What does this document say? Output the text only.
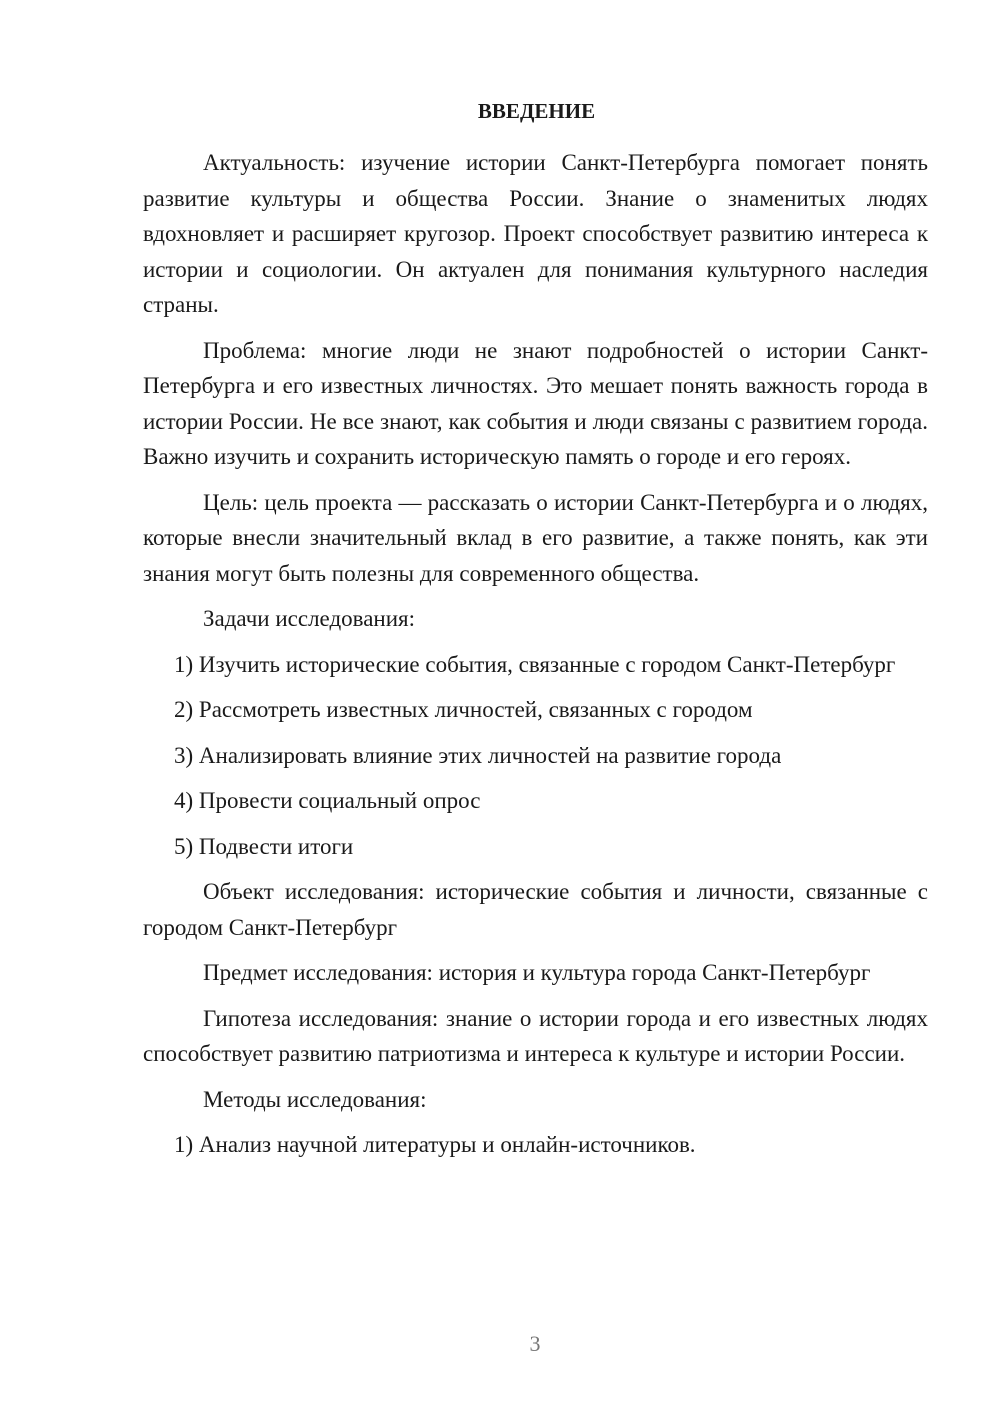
ВВЕДЕНИЕ

Актуальность: изучение истории Санкт-Петербурга помогает понять развитие культуры и общества России. Знание о знаменитых людях вдохновляет и расширяет кругозор. Проект способствует развитию интереса к истории и социологии. Он актуален для понимания культурного наследия страны.

Проблема: многие люди не знают подробностей о истории Санкт-Петербурга и его известных личностях. Это мешает понять важность города в истории России. Не все знают, как события и люди связаны с развитием города. Важно изучить и сохранить историческую память о городе и его героях.

Цель: цель проекта — рассказать о истории Санкт-Петербурга и о людях, которые внесли значительный вклад в его развитие, а также понять, как эти знания могут быть полезны для современного общества.

Задачи исследования:

1) Изучить исторические события, связанные с городом Санкт-Петербург

2) Рассмотреть известных личностей, связанных с городом

3) Анализировать влияние этих личностей на развитие города

4) Провести социальный опрос

5) Подвести итоги

Объект исследования: исторические события и личности, связанные с городом Санкт-Петербург

Предмет исследования: история и культура города Санкт-Петербург

Гипотеза исследования: знание о истории города и его известных людях способствует развитию патриотизма и интереса к культуре и истории России.

Методы исследования:

1) Анализ научной литературы и онлайн-источников.

3
